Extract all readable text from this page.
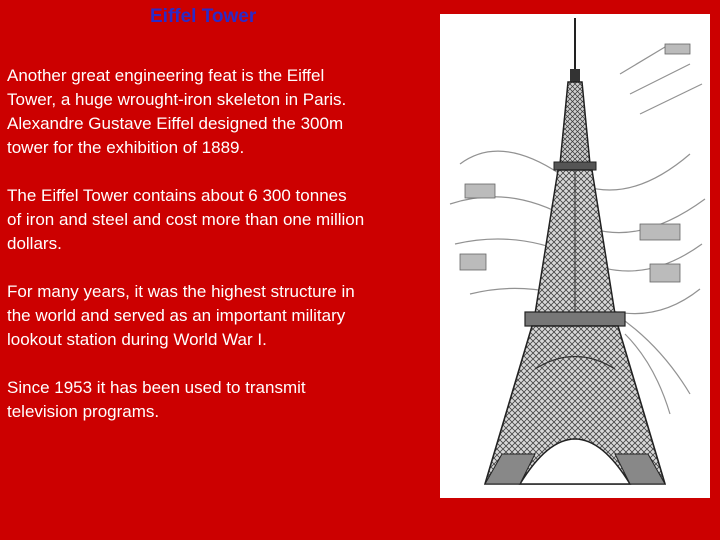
Eiffel Tower

Another great engineering feat is the Eiffel
Tower, a huge wrought-iron skeleton in Paris.
Alexandre Gustave Eiffel designed the 300m
tower for the exhibition of 1889.

The Eiffel Tower contains about 6 300 tonnes
of iron and steel and cost more than one million
dollars.

For many years, it was the highest structure in
the world and served as an important military
lookout station during World War I.

Since 1953 it has been used to transmit
television programs.
